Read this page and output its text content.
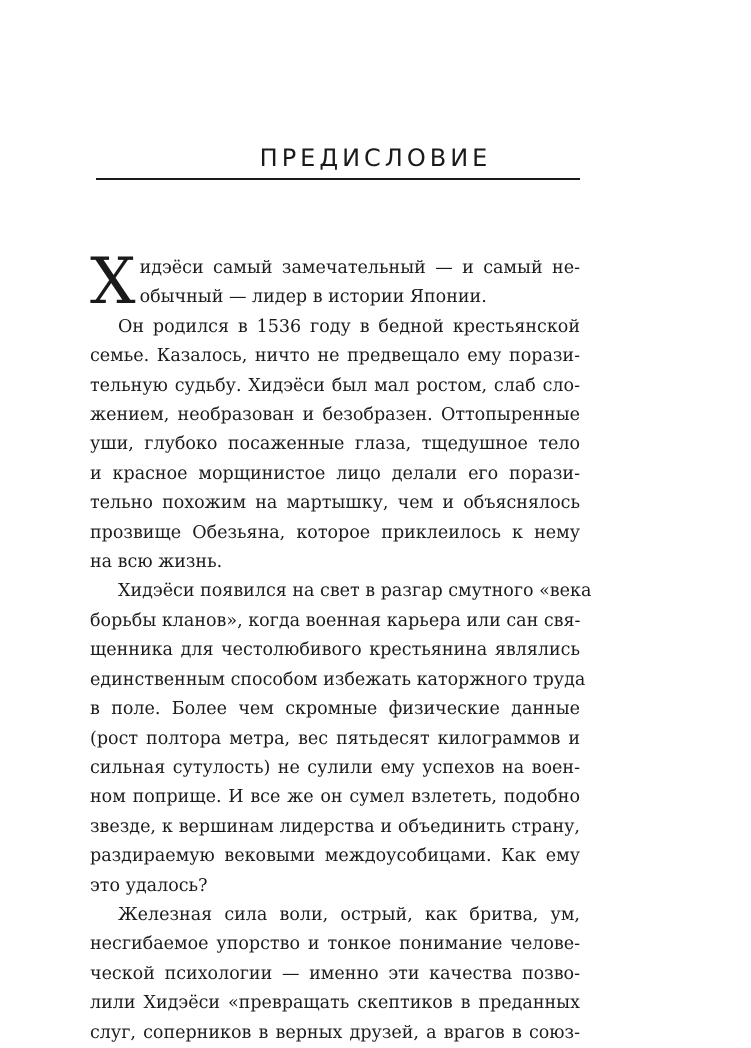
ПРЕДИСЛОВИЕ
Х идэёси самый замечательный — и самый не-
обычный — лидер в истории Японии.
Он родился в 1536 году в бедной крестьянской
семье. Казалось, ничто не предвещало ему порази-
тельную судьбу. Хидэёси был мал ростом, слаб сло-
жением, необразован и безобразен. Оттопыренные
уши, глубоко посаженные глаза, тщедушное тело
и красное морщинистое лицо делали его порази-
тельно похожим на мартышку, чем и объяснялось
прозвище Обезьяна, которое приклеилось к нему
на всю жизнь.
Хидэёси появился на свет в разгар смутного «века
борьбы кланов», когда военная карьера или сан свя-
щенника для честолюбивого крестьянина являлись
единственным способом избежать каторжного труда
в поле. Более чем скромные физические данные
(рост полтора метра, вес пятьдесят килограммов и
сильная сутулость) не сулили ему успехов на воен-
ном поприще. И все же он сумел взлететь, подобно
звезде, к вершинам лидерства и объединить страну,
раздираемую вековыми междоусобицами. Как ему
это удалось?
Железная сила воли, острый, как бритва, ум,
несгибаемое упорство и тонкое понимание челове-
ческой психологии — именно эти качества позво-
лили Хидэёси «превращать скептиков в преданных
слуг, соперников в верных друзей, а врагов в союз-
